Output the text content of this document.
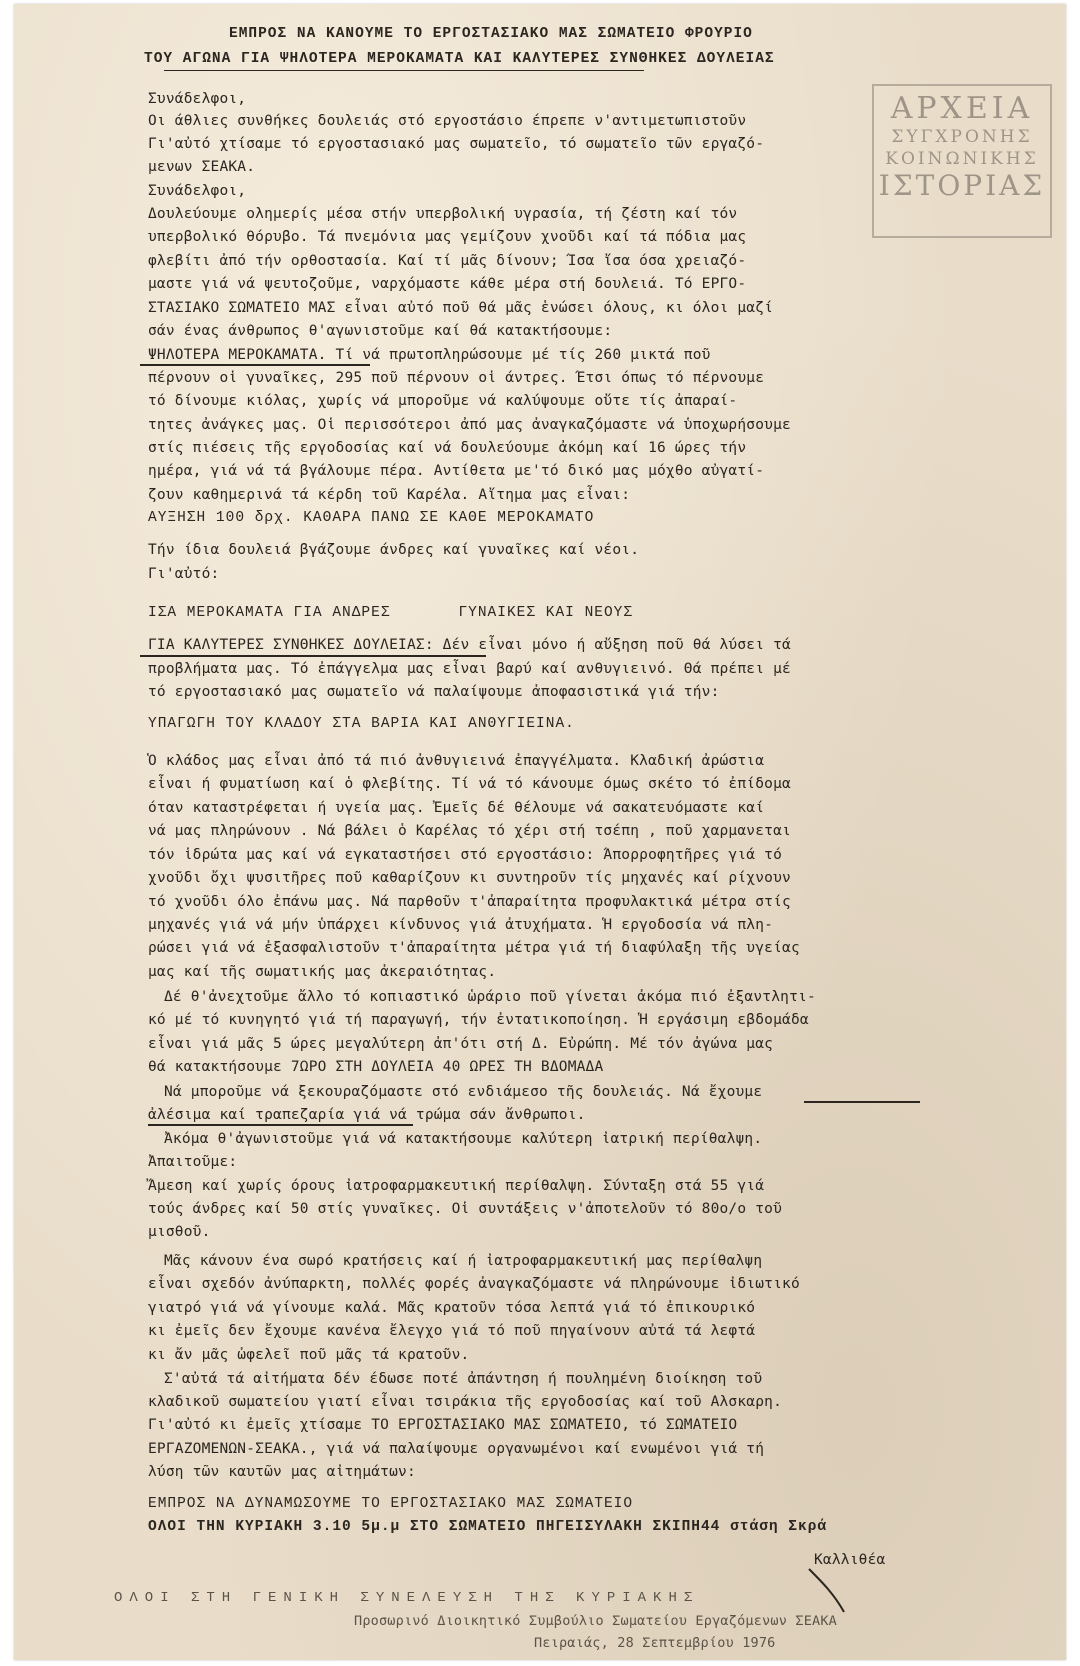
ΕΜΠΡΟΣ ΝΑ ΚΑΝΟΥΜΕ ΤΟ ΕΡΓΟΣΤΑΣΙΑΚΟ ΜΑΣ ΣΩΜΑΤΕΙΟ ΦΡΟΥΡΙΟ
ΤΟΥ ΑΓΩΝΑ ΓΙΑ ΨΗΛΟΤΕΡΑ ΜΕΡΟΚΑΜΑΤΑ ΚΑΙ ΚΑΛΥΤΕΡΕΣ ΣΥΝΘΗΚΕΣ ΔΟΥΛΕΙΑΣ
ΑΡΧΕΙΑ
ΣΥΓΧΡΟΝΗΣ
ΚΟΙΝΩΝΙΚΗΣ
ΙΣΤΟΡΙΑΣ
Συνάδελφοι,
Οι άθλιες συνθήκες δουλειάς στό εργοστάσιο έπρεπε ν'αντιμετωπιστοῦν
Γι'αὐτό χτίσαμε τό εργοστασιακό μας σωματεῖο, τό σωματεῖο τῶν εργαζό-
μενων ΣΕΑΚΑ.
Συνάδελφοι,
Δουλεύουμε ολημερίς μέσα στήν υπερβολική υγρασία, τή ζέστη καί τόν
υπερβολικό θόρυβο. Τά πνεμόνια μας γεμίζουν χνοῦδι καί τά πόδια μας
φλεβίτι ἀπό τήν ορθοστασία. Καί τί μᾶς δίνουν; Ίσα ἴσα όσα χρειαζό-
μαστε γιά νά ψευτοζοῦμε, ναρχόμαστε κάθε μέρα στή δουλειά. Τό ΕΡΓΟ-
ΣΤΑΣΙΑΚΟ ΣΩΜΑΤΕΙΟ ΜΑΣ εἶναι αὐτό ποῦ θά μᾶς ἑνώσει όλους, κι όλοι μαζί
σάν ένας άνθρωπος θ'αγωνιστοῦμε καί θά κατακτήσουμε:
ΨΗΛΟΤΕΡΑ ΜΕΡΟΚΑΜΑΤΑ. Τί νά πρωτοπληρώσουμε μέ τίς 260 μικτά ποῦ
πέρνουν οἱ γυναῖκες, 295 ποῦ πέρνουν οἱ άντρες. Έτσι όπως τό πέρνουμε
τό δίνουμε κιόλας, χωρίς νά μποροῦμε νά καλύψουμε οὔτε τίς ἀπαραί-
τητες ἀνάγκες μας. Οἱ περισσότεροι ἀπό μας ἀναγκαζόμαστε νά ὑποχωρήσουμε
στίς πιέσεις τῆς εργοδοσίας καί νά δουλεύουμε ἀκόμη καί 16 ώρες τήν
ημέρα, γιά νά τά βγάλουμε πέρα. Αντίθετα με'τό δικό μας μόχθο αὐγατί-
ζουν καθημερινά τά κέρδη τοῦ Καρέλα. Αἴτημα μας εἶναι:
ΑΥΞΗΣΗ 100 δρχ. ΚΑΘΑΡΑ ΠΑΝΩ ΣΕ ΚΑΘΕ ΜΕΡΟΚΑΜΑΤΟ
Τήν ίδια δουλειά βγάζουμε άνδρες καί γυναῖκες καί νέοι.
Γι'αὐτό:
ΙΣΑ ΜΕΡΟΚΑΜΑΤΑ ΓΙΑ ΑΝΔΡΕΣ       ΓΥΝΑΙΚΕΣ ΚΑΙ ΝΕΟΥΣ
ΓΙΑ ΚΑΛΥΤΕΡΕΣ ΣΥΝΘΗΚΕΣ ΔΟΥΛΕΙΑΣ: Δέν εἶναι μόνο ή αὔξηση ποῦ θά λύσει τά
προβλήματα μας. Τό ἐπάγγελμα μας εἶναι βαρύ καί ανθυγιεινό. Θά πρέπει μέ
τό εργοστασιακό μας σωματεῖο νά παλαίψουμε ἀποφασιστικά γιά τήν:
ΥΠΑΓΩΓΗ ΤΟΥ ΚΛΑΔΟΥ ΣΤΑ ΒΑΡΙΑ ΚΑΙ ΑΝΘΥΓΙΕΙΝΑ.
Ὁ κλάδος μας εἶναι ἀπό τά πιό ἀνθυγιεινά ἐπαγγέλματα. Κλαδική ἀρώστια
εἶναι ή φυματίωση καί ὁ φλεβίτης. Τί νά τό κάνουμε όμως σκέτο τό ἐπίδομα
όταν καταστρέφεται ή υγεία μας. Ἐμεῖς δέ θέλουμε νά σακατευόμαστε καί
νά μας πληρώνουν . Νά βάλει ὁ Καρέλας τό χέρι στή τσέπη , ποῦ χαρμανεται
τόν ἱδρώτα μας καί νά εγκαταστήσει στό εργοστάσιο: Άπορροφητῆρες γιά τό
χνοῦδι ὄχι ψυσιτῆρες ποῦ καθαρίζουν κι συντηροῦν τίς μηχανές καί ρίχνουν
τό χνοῦδι όλο ἐπάνω μας. Νά παρθοῦν τ'ἀπαραίτητα προφυλακτικά μέτρα στίς
μηχανές γιά νά μήν ὑπάρχει κίνδυνος γιά ἀτυχήματα. Ἡ εργοδοσία νά πλη-
ρώσει γιά νά ἐξασφαλιστοῦν τ'ἀπαραίτητα μέτρα γιά τή διαφύλαξη τῆς υγείας
μας καί τῆς σωματικής μας ἀκεραιότητας.
Δέ θ'ἀνεχτοῦμε ἄλλο τό κοπιαστικό ὡράριο ποῦ γίνεται ἀκόμα πιό ἐξαντλητι-
κό μέ τό κυνηγητό γιά τή παραγωγή, τήν ἐντατικοποίηση. Ἡ εργάσιμη εβδομάδα
εἶναι γιά μᾶς 5 ώρες μεγαλύτερη ἀπ'ότι στή Δ. Εὐρώπη. Μέ τόν ἀγώνα μας
θά κατακτήσουμε 7ΩΡΟ ΣΤΗ ΔΟΥΛΕΙΑ 40 ΩΡΕΣ ΤΗ ΒΔΟΜΑΔΑ
Νά μποροῦμε νά ξεκουραζόμαστε στό ενδιάμεσο τῆς δουλειάς. Νά ἔχουμε
ἀλέσιμα καί τραπεζαρία γιά νά τρώμα σάν ἄνθρωποι.
Ἀκόμα θ'ἀγωνιστοῦμε γιά νά κατακτήσουμε καλύτερη ἰατρική περίθαλψη.
Ἀπαιτοῦμε:
Ἄμεση καί χωρίς όρους ἰατροφαρμακευτική περίθαλψη. Σύνταξη στά 55 γιά
τούς άνδρες καί 50 στίς γυναῖκες. Οἱ συντάξεις ν'ἀποτελοῦν τό 80ο/ο τοῦ
μισθοῦ.
Μᾶς κάνουν ένα σωρό κρατήσεις καί ή ἰατροφαρμακευτική μας περίθαλψη
εἶναι σχεδόν ἀνύπαρκτη, πολλές φορές ἀναγκαζόμαστε νά πληρώνουμε ἰδιωτικό
γιατρό γιά νά γίνουμε καλά. Μᾶς κρατοῦν τόσα λεπτά γιά τό ἐπικουρικό
κι ἐμεῖς δεν ἔχουμε κανένα ἔλεγχο γιά τό ποῦ πηγαίνουν αὐτά τά λεφτά
κι ἄν μᾶς ὠφελεῖ ποῦ μᾶς τά κρατοῦν.
Σ'αὐτά τά αἰτήματα δέν έδωσε ποτέ ἀπάντηση ή πουλημένη διοίκηση τοῦ
κλαδικοῦ σωματείου γιατί εἶναι τσιράκια τῆς εργοδοσίας καί τοῦ Αλσκαρη.
Γι'αὐτό κι ἐμεῖς χτίσαμε ΤΟ ΕΡΓΟΣΤΑΣΙΑΚΟ ΜΑΣ ΣΩΜΑΤΕΙΟ, τό ΣΩΜΑΤΕΙΟ
ΕΡΓΑΖΟΜΕΝΩΝ-ΣΕΑΚΑ., γιά νά παλαίψουμε οργανωμένοι καί ενωμένοι γιά τή
λύση τῶν καυτῶν μας αἰτημάτων:
ΕΜΠΡΟΣ ΝΑ ΔΥΝΑΜΩΣΟΥΜΕ ΤΟ ΕΡΓΟΣΤΑΣΙΑΚΟ ΜΑΣ ΣΩΜΑΤΕΙΟ
ΟΛΟΙ ΤΗΝ ΚΥΡΙΑΚΗ 3.10 5μ.μ ΣΤΟ ΣΩΜΑΤΕΙΟ ΠΗΓΕΙΣΥΛΑΚΗ ΣΚΙΠΗ44 στάση Σκρά
Καλλιθέα
ΟΛΟΙ ΣΤΗ ΓΕΝΙΚΗ ΣΥΝΕΛΕΥΣΗ ΤΗΣ ΚΥΡΙΑΚΗΣ
Προσωρινό Διοικητικό Συμβούλιο Σωματείου Εργαζόμενων ΣΕΑΚΑ
Πειραιάς, 28 Σεπτεμβρίου 1976
